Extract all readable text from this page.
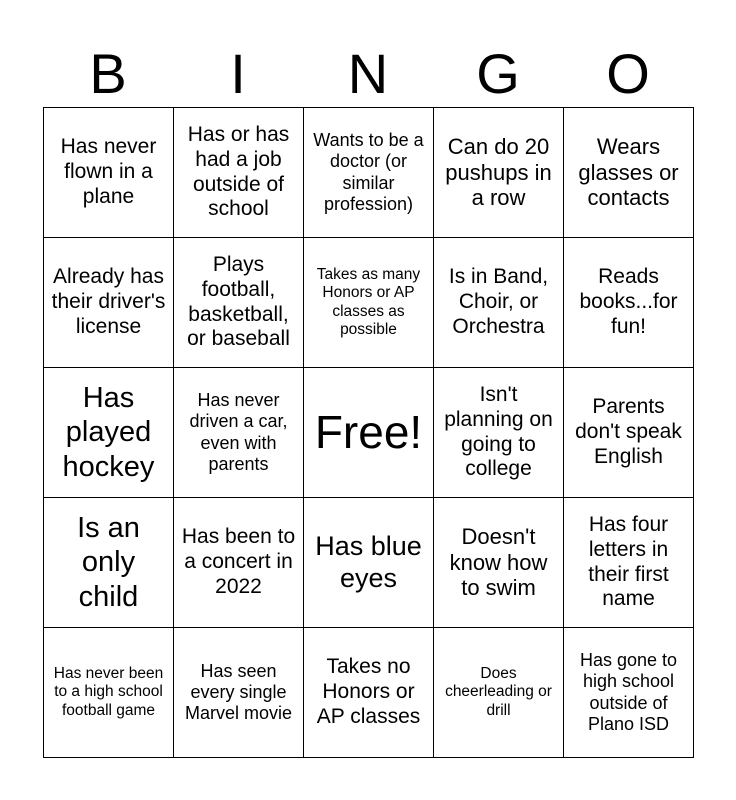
B	I	N	G	O
Has never flown in a plane	Has or has had a job outside of school	Wants to be a doctor (or similar profession)	Can do 20 pushups in a row	Wears glasses or contacts
Already has their driver's license	Plays football, basketball, or baseball	Takes as many Honors or AP classes as possible	Is in Band, Choir, or Orchestra	Reads books...for fun!
Has played hockey	Has never driven a car, even with parents	Free!	Isn't planning on going to college	Parents don't speak English
Is an only child	Has been to a concert in 2022	Has blue eyes	Doesn't know how to swim	Has four letters in their first name
Has never been to a high school football game	Has seen every single Marvel movie	Takes no Honors or AP classes	Does cheerleading or drill	Has gone to high school outside of Plano ISD
